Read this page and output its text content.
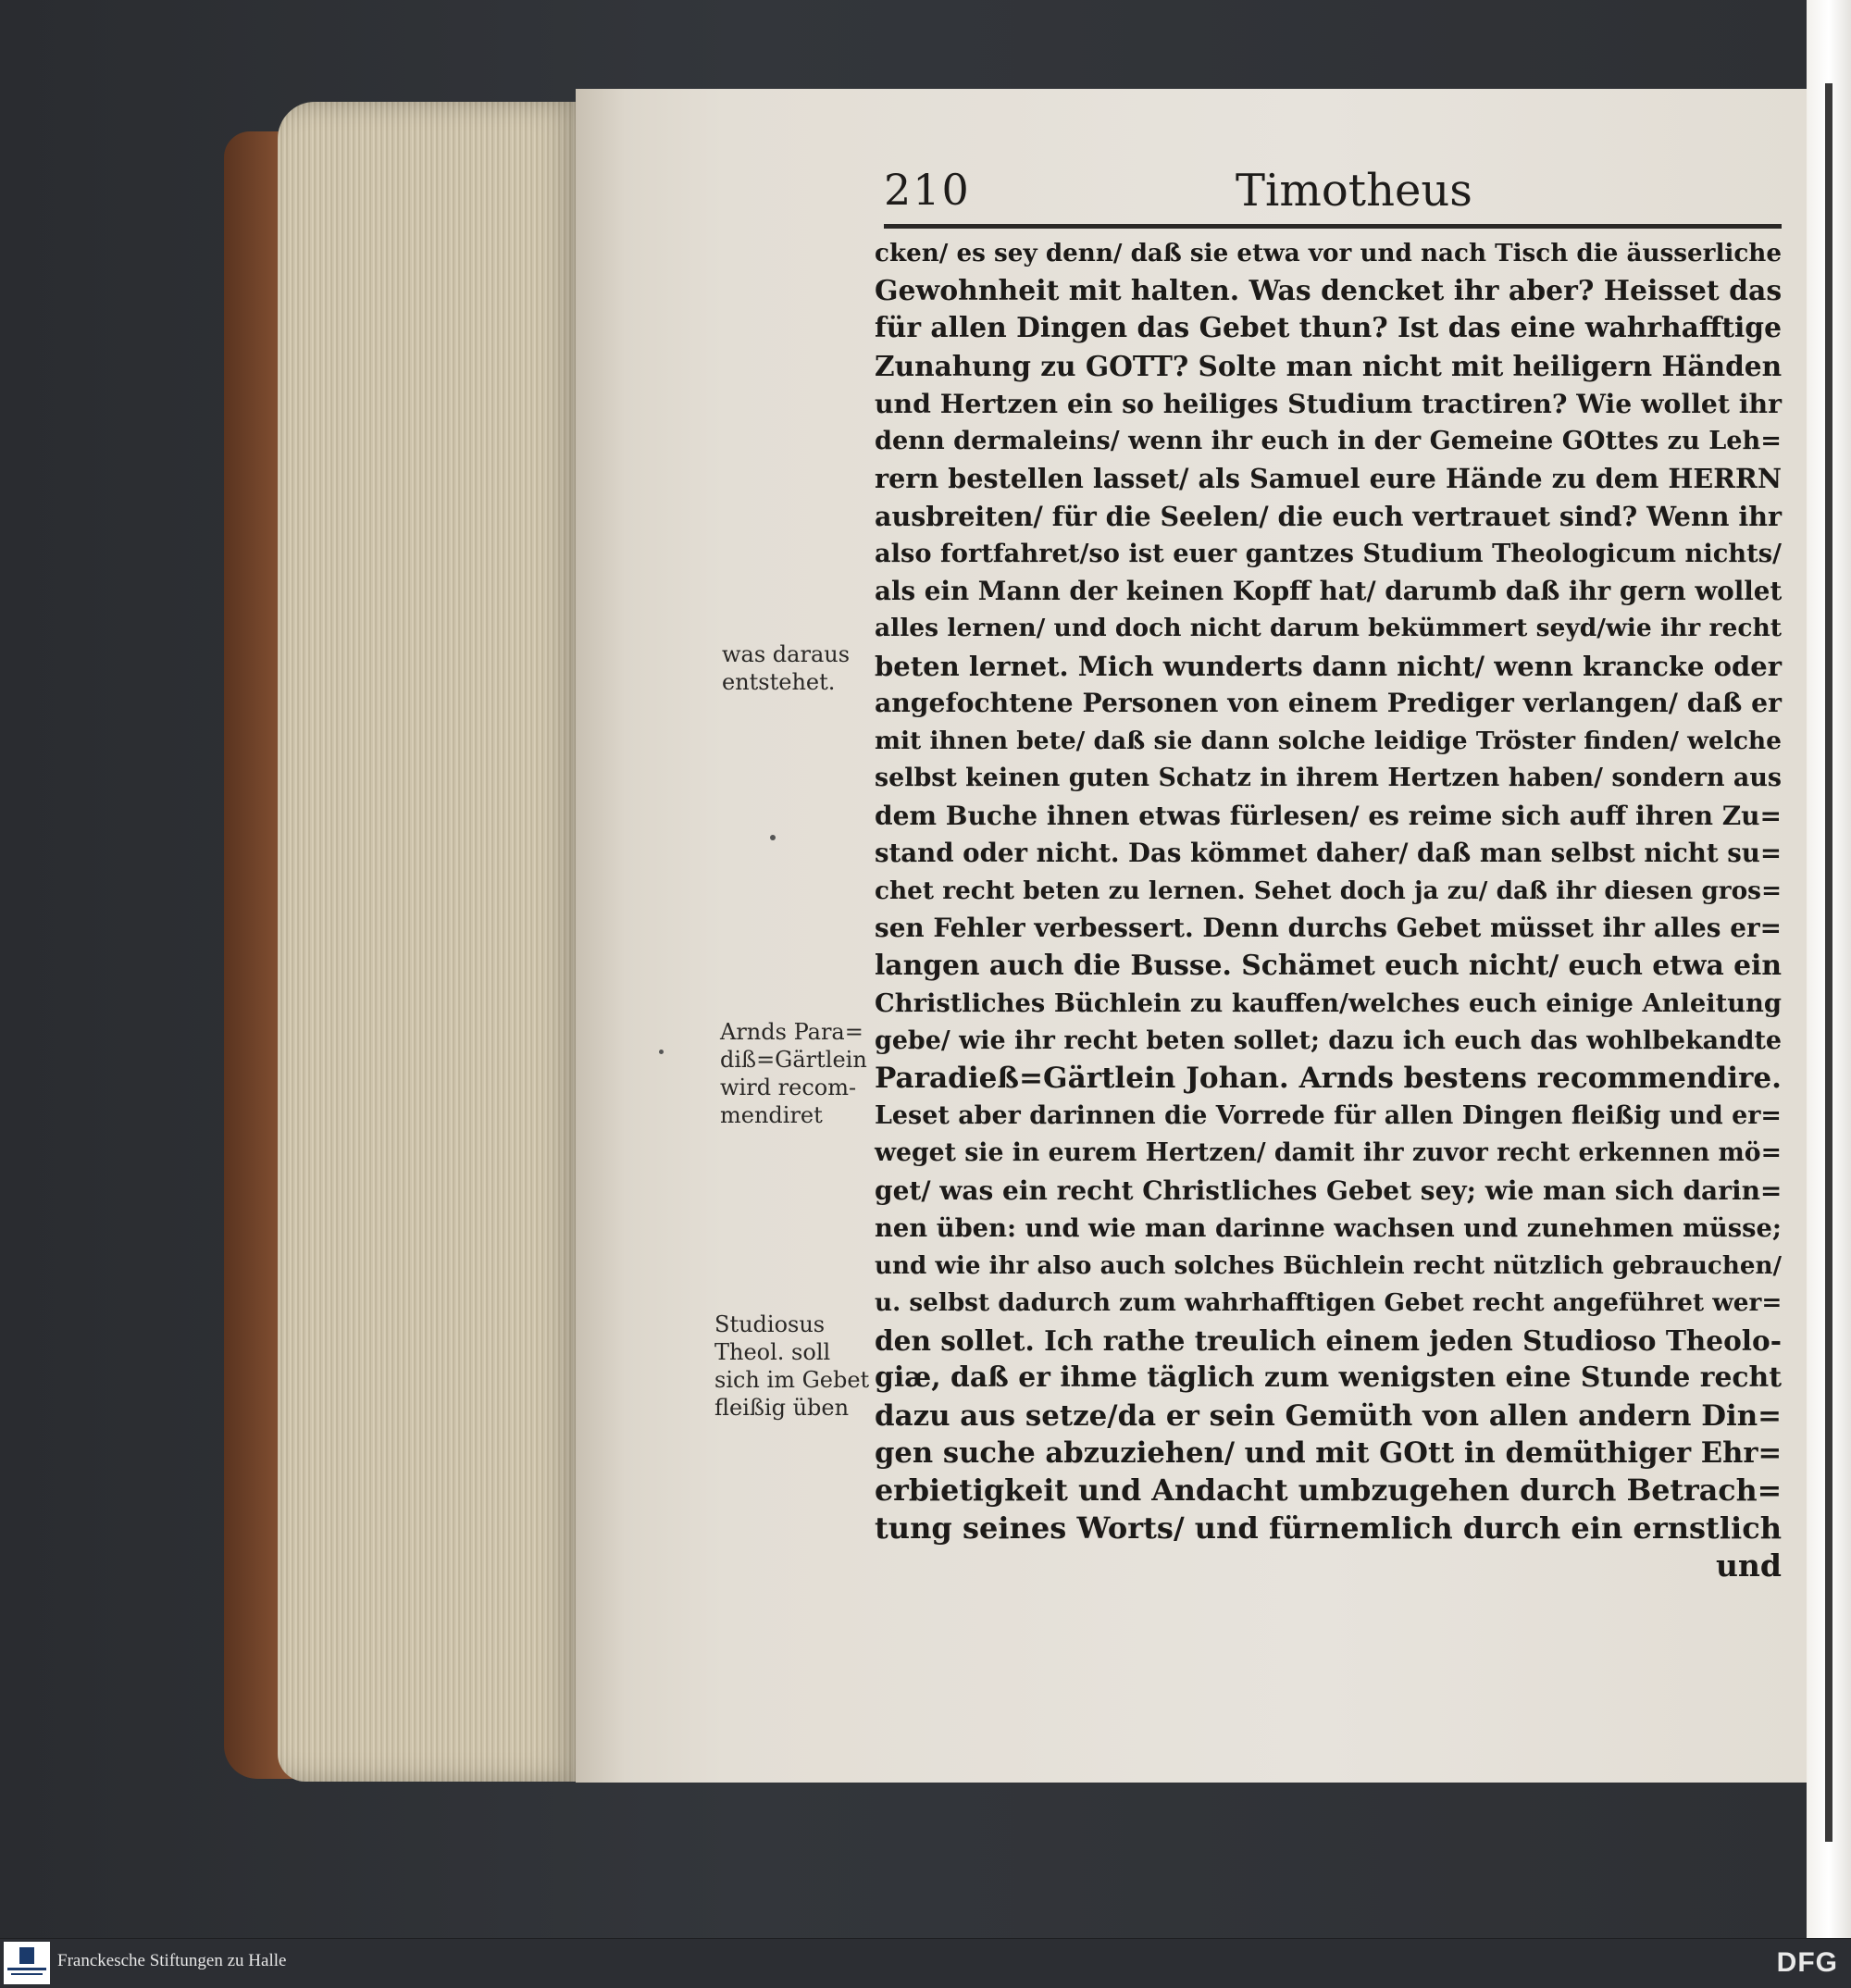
210	Timotheus
cken/ es sey denn/ daß sie etwa vor und nach Tisch die äusserliche
Gewohnheit mit halten. Was dencket ihr aber? Heisset das
für allen Dingen das Gebet thun? Ist das eine wahrhafftige
Zunahung zu GOTT? Solte man nicht mit heiligern Händen
und Hertzen ein so heiliges Studium tractiren? Wie wollet ihr
denn dermaleins/ wenn ihr euch in der Gemeine GOttes zu Leh=
rern bestellen lasset/ als Samuel eure Hände zu dem HERRN
ausbreiten/ für die Seelen/ die euch vertrauet sind? Wenn ihr
also fortfahret/so ist euer gantzes Studium Theologicum nichts/
als ein Mann der keinen Kopff hat/ darumb daß ihr gern wollet
alles lernen/ und doch nicht darum bekümmert seyd/wie ihr recht
beten lernet. Mich wunderts dann nicht/ wenn krancke oder
angefochtene Personen von einem Prediger verlangen/ daß er
mit ihnen bete/ daß sie dann solche leidige Tröster finden/ welche
selbst keinen guten Schatz in ihrem Hertzen haben/ sondern aus
dem Buche ihnen etwas fürlesen/ es reime sich auff ihren Zu=
stand oder nicht. Das kömmet daher/ daß man selbst nicht su=
chet recht beten zu lernen. Sehet doch ja zu/ daß ihr diesen gros=
sen Fehler verbessert. Denn durchs Gebet müsset ihr alles er=
langen auch die Busse. Schämet euch nicht/ euch etwa ein
Christliches Büchlein zu kauffen/welches euch einige Anleitung
gebe/ wie ihr recht beten sollet; dazu ich euch das wohlbekandte
Paradieß=Gärtlein Johan. Arnds bestens recommendire.
Leset aber darinnen die Vorrede für allen Dingen fleißig und er=
weget sie in eurem Hertzen/ damit ihr zuvor recht erkennen mö=
get/ was ein recht Christliches Gebet sey; wie man sich darin=
nen üben: und wie man darinne wachsen und zunehmen müsse;
und wie ihr also auch solches Büchlein recht nützlich gebrauchen/
u. selbst dadurch zum wahrhafftigen Gebet recht angeführet wer=
den sollet. Ich rathe treulich einem jeden Studioso Theolo-
giæ, daß er ihme täglich zum wenigsten eine Stunde recht
dazu aus setze/da er sein Gemüth von allen andern Din=
gen suche abzuziehen/ und mit GOtt in demüthiger Ehr=
erbietigkeit und Andacht umbzugehen durch Betrach=
tung seines Worts/ und fürnemlich durch ein ernstlich
und
was daraus
entstehet.
Arnds Para=
diß=Gärtlein
wird recom-
mendiret
Studiosus
Theol. soll
sich im Gebet
fleißig üben
Franckesche Stiftungen zu Halle	DFG
